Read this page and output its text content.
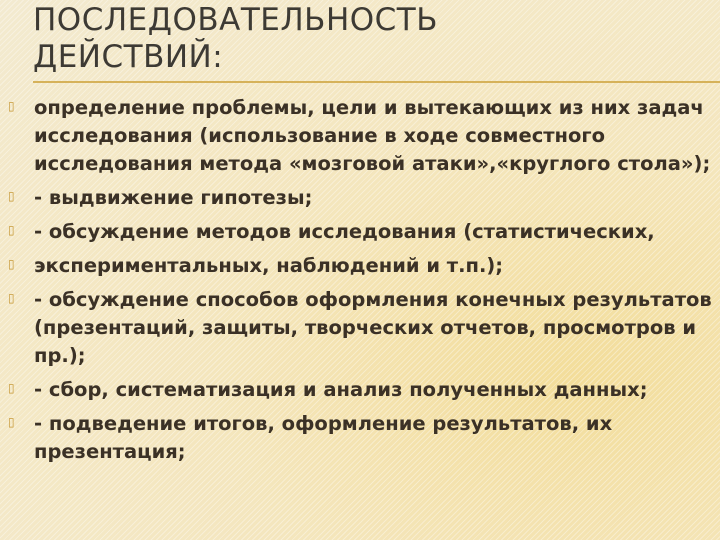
ПОСЛЕДОВАТЕЛЬНОСТЬ
ДЕЙСТВИЙ:
▯ определение проблемы, цели и вытекающих из них задач исследования (использование в ходе совместного исследования метода «мозговой атаки»,«круглого стола»);
▯ - выдвижение гипотезы;
▯ - обсуждение методов исследования (статистических,
▯ экспериментальных, наблюдений и т.п.);
▯ - обсуждение способов оформления конечных результатов (презентаций, защиты, творческих отчетов, просмотров и пр.);
▯ - сбор, систематизация и анализ полученных данных;
▯ - подведение итогов, оформление результатов, их презентация;
